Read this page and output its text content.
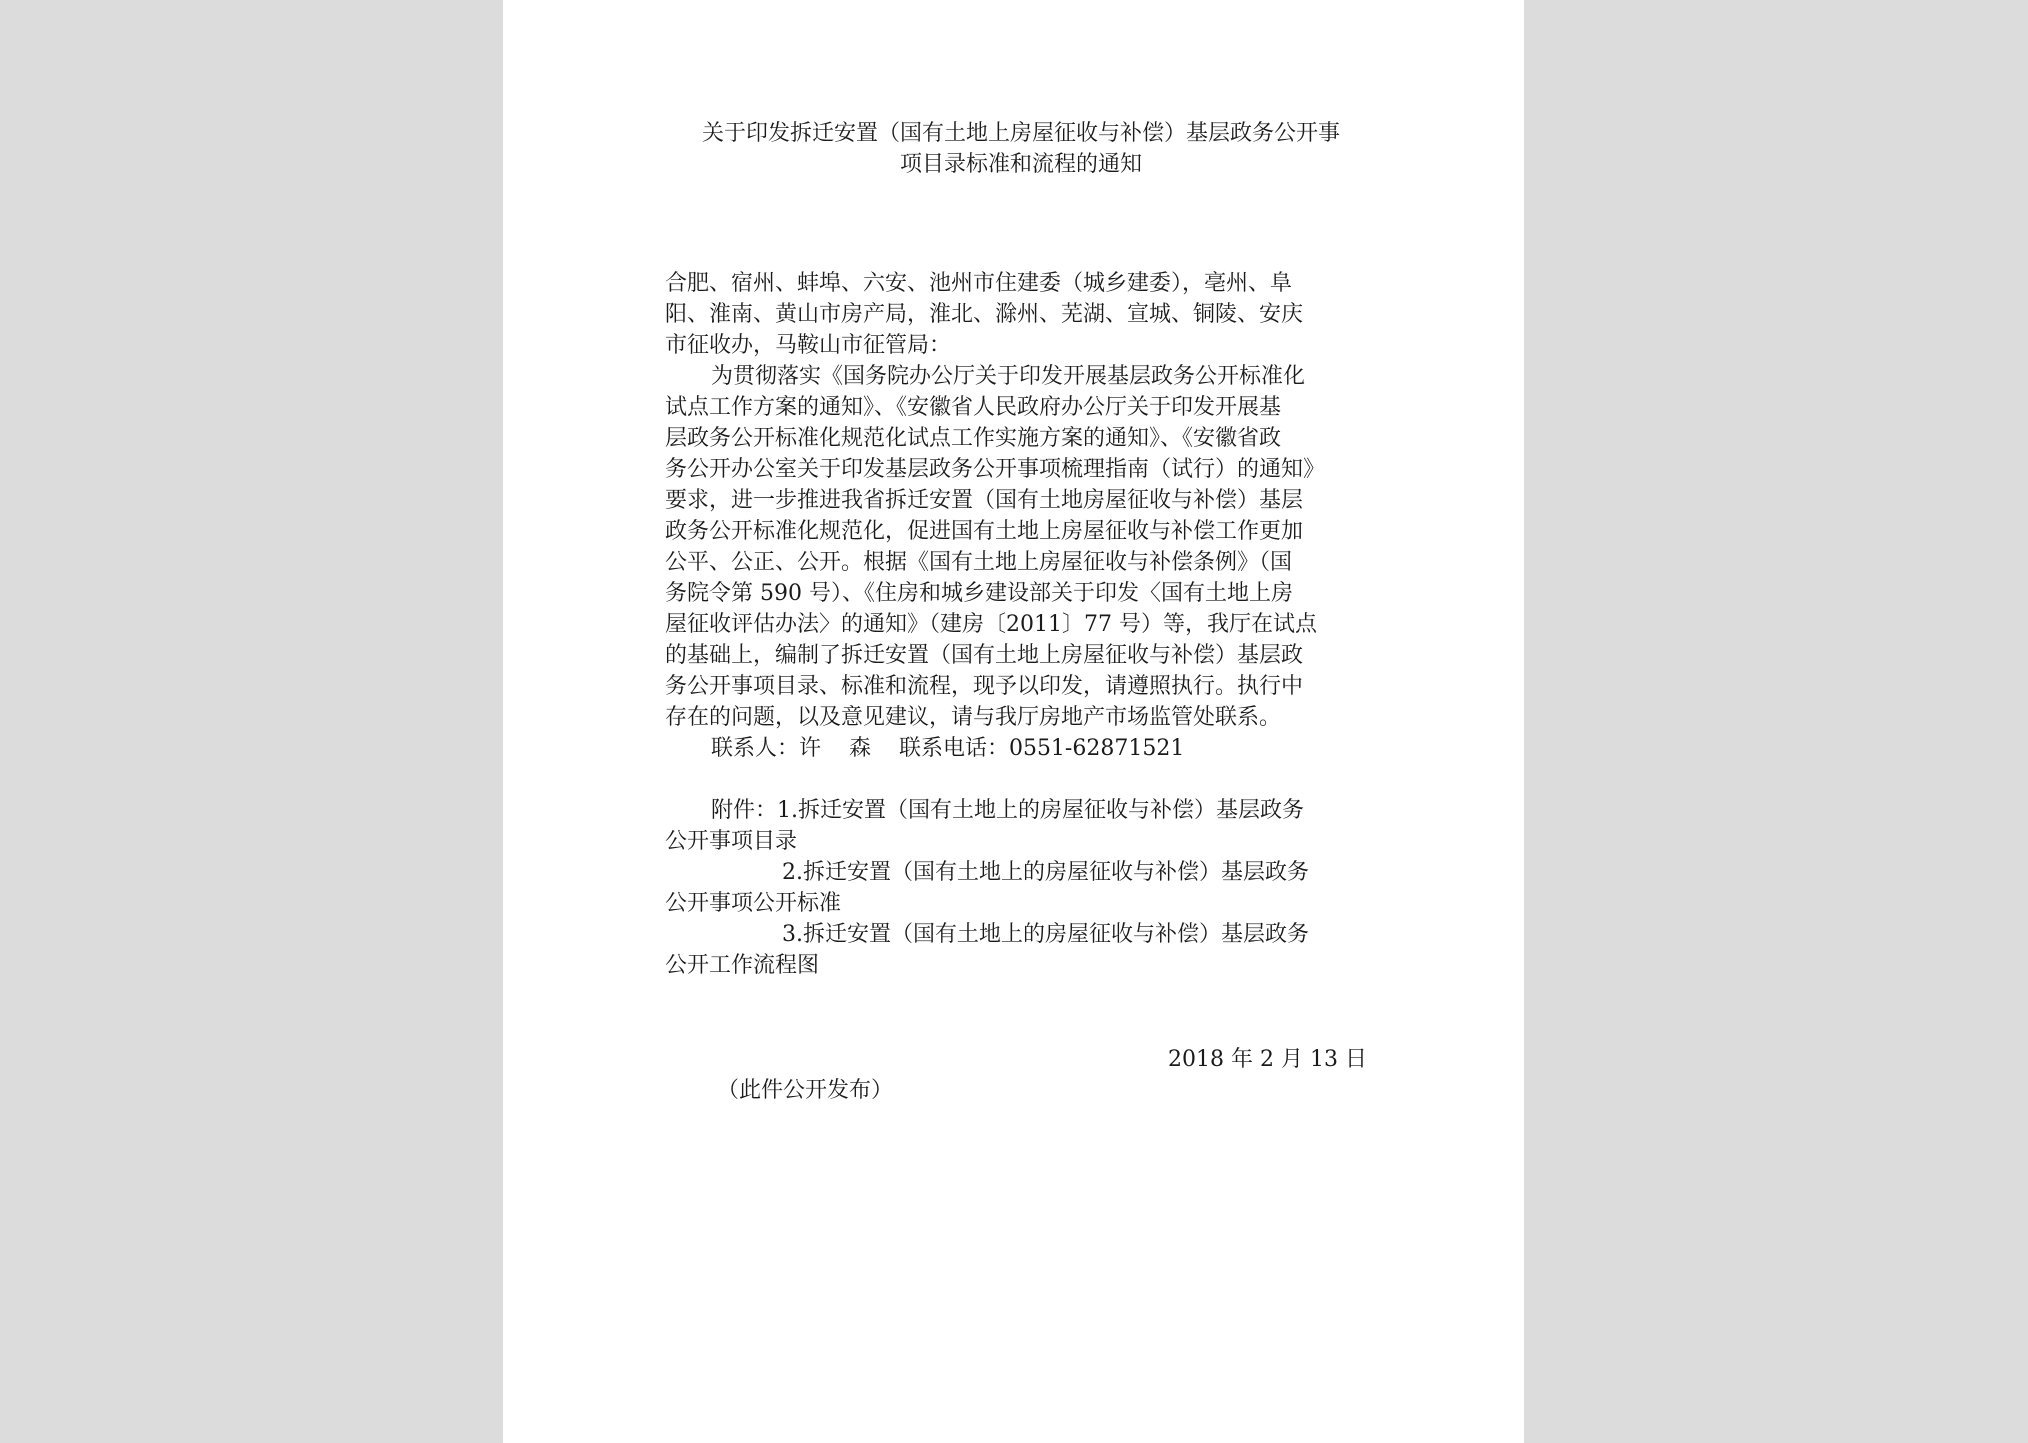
关于印发拆迁安置（国有土地上房屋征收与补偿）基层政务公开事
项目录标准和流程的通知
合肥、宿州、蚌埠、六安、池州市住建委（城乡建委），亳州、阜
阳、淮南、黄山市房产局，淮北、滁州、芜湖、宣城、铜陵、安庆
市征收办，马鞍山市征管局：
为贯彻落实《国务院办公厅关于印发开展基层政务公开标准化
试点工作方案的通知》、《安徽省人民政府办公厅关于印发开展基
层政务公开标准化规范化试点工作实施方案的通知》、《安徽省政
务公开办公室关于印发基层政务公开事项梳理指南（试行）的通知》
要求，进一步推进我省拆迁安置（国有土地房屋征收与补偿）基层
政务公开标准化规范化，促进国有土地上房屋征收与补偿工作更加
公平、公正、公开。根据《国有土地上房屋征收与补偿条例》（国
务院令第 590 号）、《住房和城乡建设部关于印发〈国有土地上房
屋征收评估办法〉的通知》（建房〔2011〕77 号）等，我厅在试点
的基础上，编制了拆迁安置（国有土地上房屋征收与补偿）基层政
务公开事项目录、标准和流程，现予以印发，请遵照执行。执行中
存在的问题，以及意见建议，请与我厅房地产市场监管处联系。
联系人：许    森    联系电话：0551-62871521
附件：1.拆迁安置（国有土地上的房屋征收与补偿）基层政务
公开事项目录
2.拆迁安置（国有土地上的房屋征收与补偿）基层政务
公开事项公开标准
3.拆迁安置（国有土地上的房屋征收与补偿）基层政务
公开工作流程图
2018 年 2 月 13 日
（此件公开发布）
